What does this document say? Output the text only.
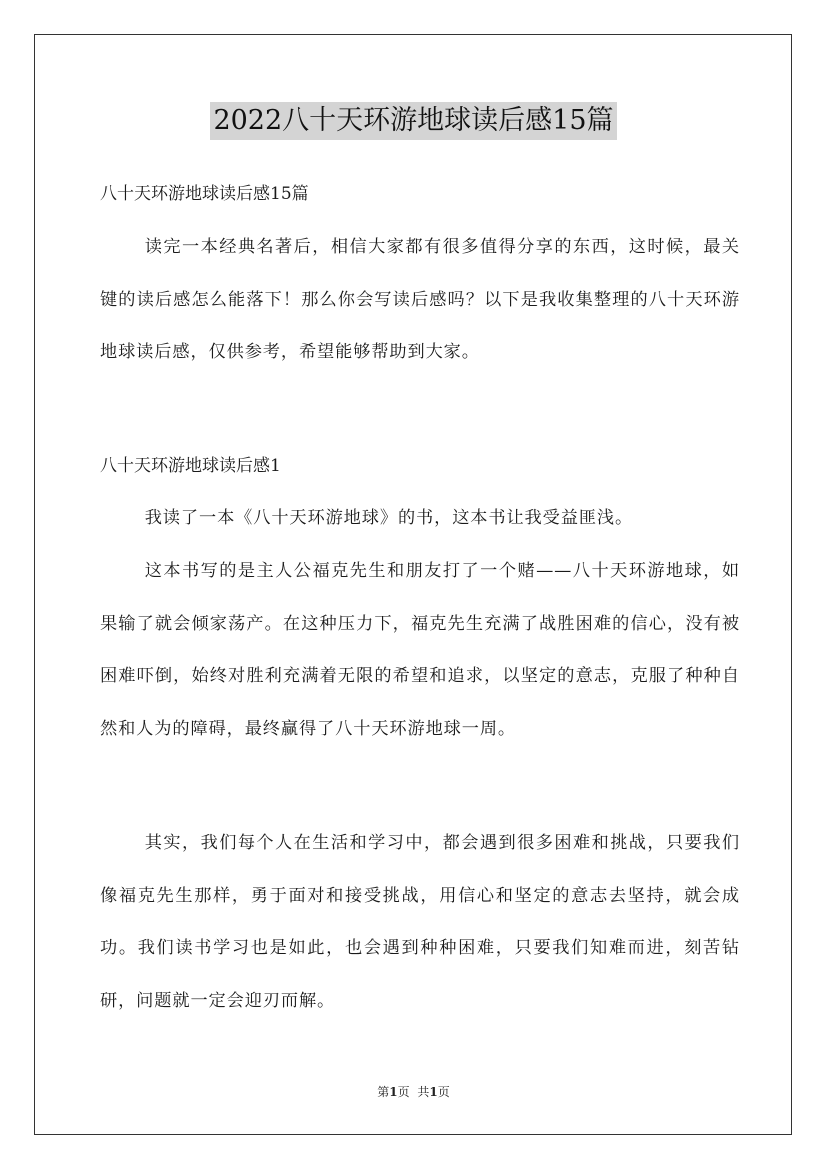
2022八十天环游地球读后感15篇

八十天环游地球读后感15篇

读完一本经典名著后，相信大家都有很多值得分享的东西，这时候，最关键的读后感怎么能落下！那么你会写读后感吗？以下是我收集整理的八十天环游地球读后感，仅供参考，希望能够帮助到大家。

八十天环游地球读后感1

我读了一本《八十天环游地球》的书，这本书让我受益匪浅。

这本书写的是主人公福克先生和朋友打了一个赌——八十天环游地球，如果输了就会倾家荡产。在这种压力下，福克先生充满了战胜困难的信心，没有被困难吓倒，始终对胜利充满着无限的希望和追求，以坚定的意志，克服了种种自然和人为的障碍，最终赢得了八十天环游地球一周。

其实，我们每个人在生活和学习中，都会遇到很多困难和挑战，只要我们像福克先生那样，勇于面对和接受挑战，用信心和坚定的意志去坚持，就会成功。我们读书学习也是如此，也会遇到种种困难，只要我们知难而进，刻苦钻研，问题就一定会迎刃而解。

第1页 共1页
